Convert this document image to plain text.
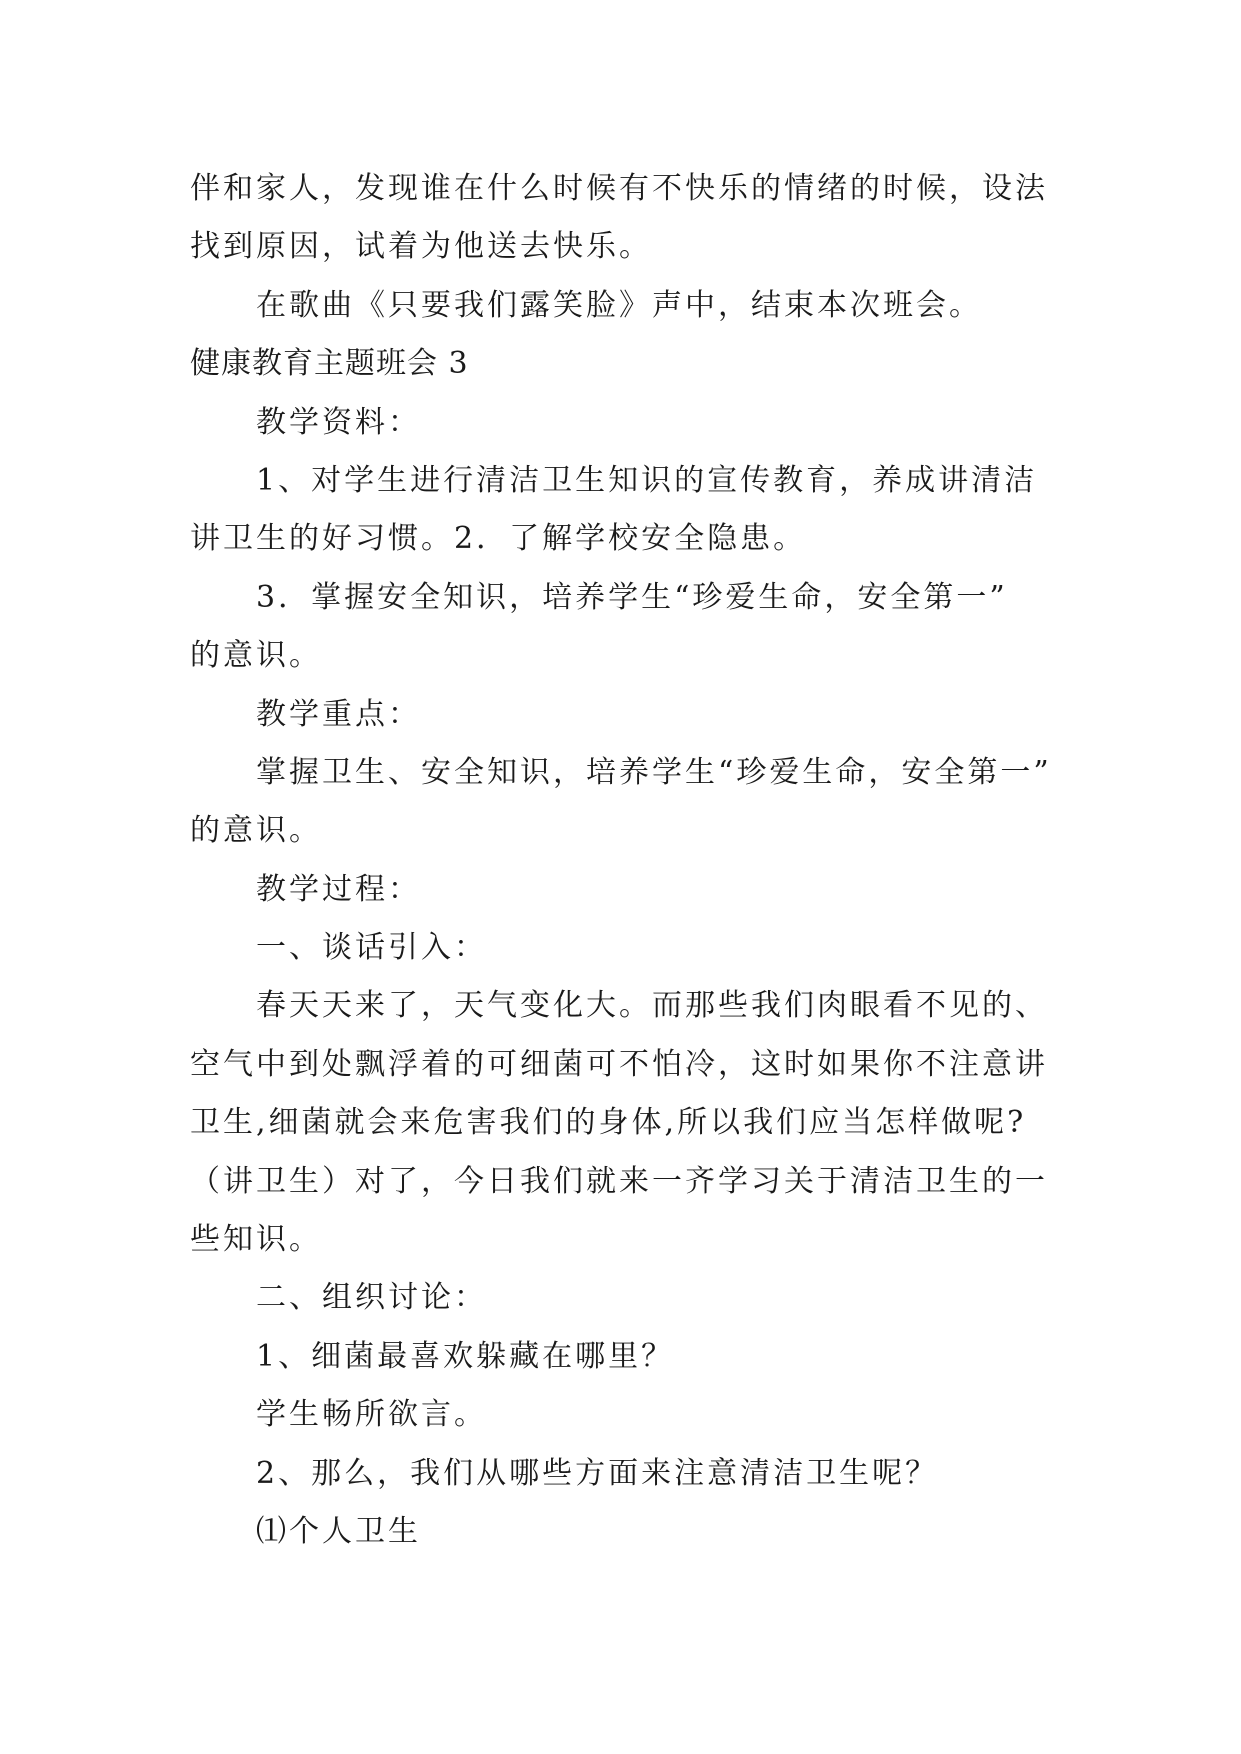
伴和家人，发现谁在什么时候有不快乐的情绪的时候，设法
找到原因，试着为他送去快乐。
在歌曲《只要我们露笑脸》声中，结束本次班会。
健康教育主题班会 3
教学资料：
1、对学生进行清洁卫生知识的宣传教育，养成讲清洁
讲卫生的好习惯。2．了解学校安全隐患。
3．掌握安全知识，培养学生“珍爱生命，安全第一”
的意识。
教学重点：
掌握卫生、安全知识，培养学生“珍爱生命，安全第一”
的意识。
教学过程：
一、谈话引入：
春天天来了，天气变化大。而那些我们肉眼看不见的、
空气中到处飘浮着的可细菌可不怕冷，这时如果你不注意讲
卫生,细菌就会来危害我们的身体,所以我们应当怎样做呢?
（讲卫生）对了，今日我们就来一齐学习关于清洁卫生的一
些知识。
二、组织讨论：
1、细菌最喜欢躲藏在哪里？
学生畅所欲言。
2、那么，我们从哪些方面来注意清洁卫生呢？
⑴个人卫生
